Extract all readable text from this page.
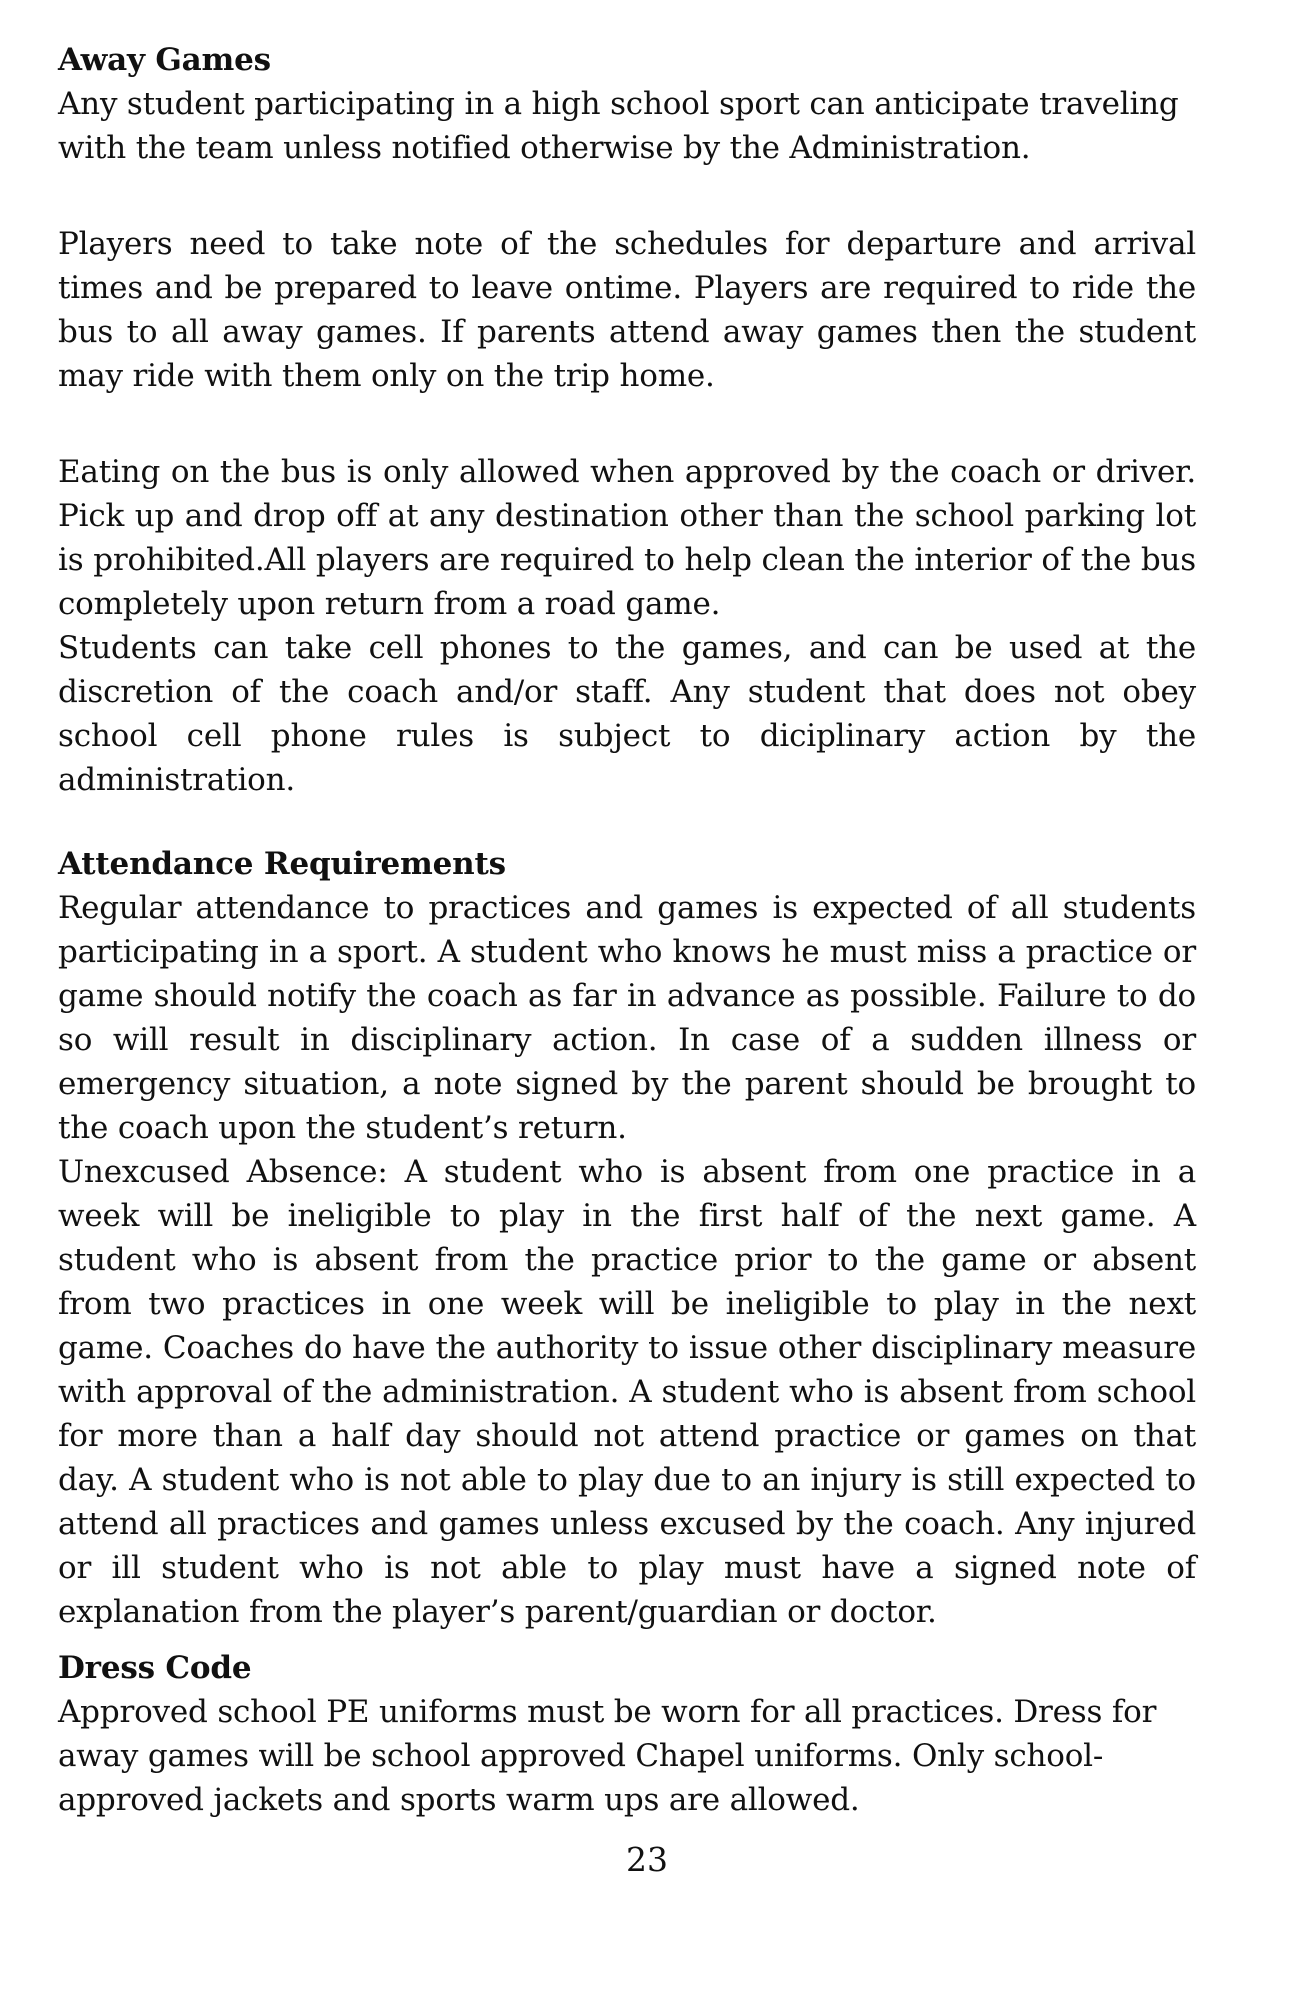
Away Games
Any student participating in a high school sport can anticipate traveling with the team unless notified otherwise by the Administration.
Players need to take note of the schedules for departure and arrival times and be prepared to leave ontime. Players are required to ride the bus to all away games. If parents attend away games then the student may ride with them only on the trip home.
Eating on the bus is only allowed when approved by the coach or driver. Pick up and drop off at any destination other than the school parking lot is prohibited.All players are required to help clean the interior of the bus completely upon return from a road game.
Students can take cell phones to the games, and can be used at the discretion of the coach and/or staff. Any student that does not obey school cell phone rules is subject to diciplinary action by the administration.
Attendance Requirements
Regular attendance to practices and games is expected of all students participating in a sport. A student who knows he must miss a practice or game should notify the coach as far in advance as possible. Failure to do so will result in disciplinary action. In case of a sudden illness or emergency situation, a note signed by the parent should be brought to the coach upon the student’s return.
Unexcused Absence: A student who is absent from one practice in a week will be ineligible to play in the first half of the next game. A student who is absent from the practice prior to the game or absent from two practices in one week will be ineligible to play in the next game. Coaches do have the authority to issue other disciplinary measure with approval of the administration. A student who is absent from school for more than a half day should not attend practice or games on that day. A student who is not able to play due to an injury is still expected to attend all practices and games unless excused by the coach. Any injured or ill student who is not able to play must have a signed note of explanation from the player’s parent/guardian or doctor.
Dress Code
Approved school PE uniforms must be worn for all practices. Dress for away games will be school approved Chapel uniforms. Only school-approved jackets and sports warm ups are allowed.
23
